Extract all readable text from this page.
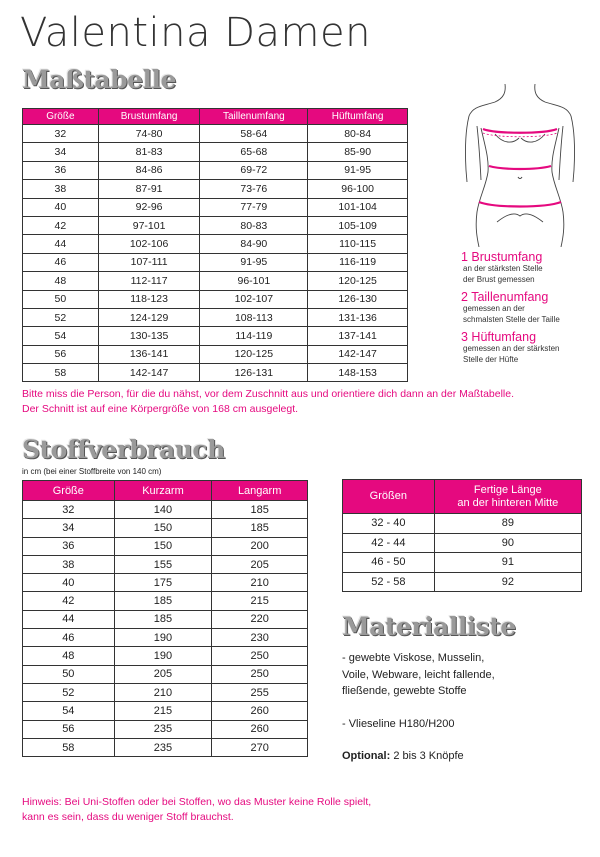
Valentina Damen
Maßtabelle
Größe	Brustumfang	Taillenumfang	Hüftumfang
32	74-80	58-64	80-84
34	81-83	65-68	85-90
36	84-86	69-72	91-95
38	87-91	73-76	96-100
40	92-96	77-79	101-104
42	97-101	80-83	105-109
44	102-106	84-90	110-115
46	107-111	91-95	116-119
48	112-117	96-101	120-125
50	118-123	102-107	126-130
52	124-129	108-113	131-136
54	130-135	114-119	137-141
56	136-141	120-125	142-147
58	142-147	126-131	148-153
1 Brustumfang
an der stärksten Stelle
der Brust gemessen
2 Taillenumfang
gemessen an der
schmalsten Stelle der Taille
3 Hüftumfang
gemessen an der stärksten
Stelle der Hüfte
Bitte miss die Person, für die du nähst, vor dem Zuschnitt aus und orientiere dich dann an der Maßtabelle.
Der Schnitt ist auf eine Körpergröße von 168 cm ausgelegt.
Stoffverbrauch
in cm (bei einer Stoffbreite von 140 cm)
Größe	Kurzarm	Langarm
32	140	185
34	150	185
36	150	200
38	155	205
40	175	210
42	185	215
44	185	220
46	190	230
48	190	250
50	205	250
52	210	255
54	215	260
56	235	260
58	235	270
Größen	Fertige Länge
an der hinteren Mitte

32 - 40	89
42 - 44	90
46 - 50	91
52 - 58	92
Materialliste
- gewebte Viskose, Musselin,
Voile, Webware, leicht fallende,
fließende, gewebte Stoffe
- Vlieseline H180/H200
Optional: 2 bis 3 Knöpfe
Hinweis: Bei Uni-Stoffen oder bei Stoffen, wo das Muster keine Rolle spielt,
kann es sein, dass du weniger Stoff brauchst.
